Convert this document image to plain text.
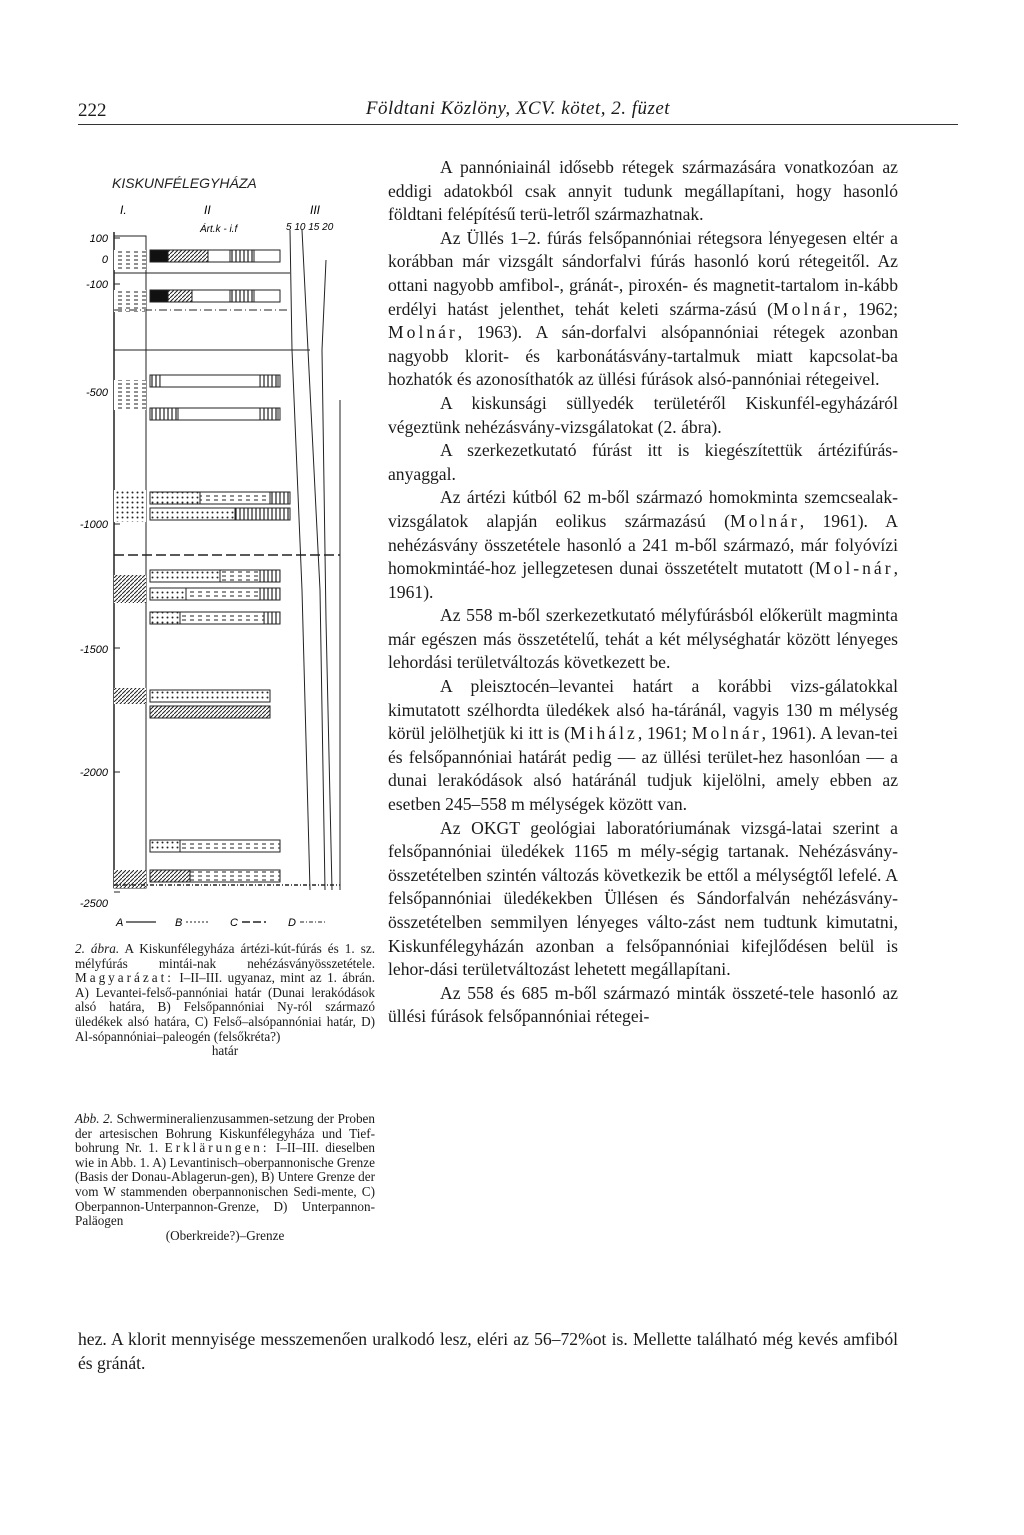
222	Földtani Közlöny, XCV. kötet, 2. füzet
KISKUNFÉLEGYHÁZA
I.	II	III
Árt.k - i.f	5 10 15 20
100
0
-100
-500
-1000
-1500
-2000
-2500
A	B	C	D

2. ábra. A Kiskunfélegyháza ártézi-kút-fúrás és 1. sz. mélyfúrás mintái-nak nehézásványösszetétele. Magyarázat: I–II–III. ugyanaz, mint az 1. ábrán. A) Levantei-felső-pannóniai határ (Dunai lerakódások alsó határa, B) Felsőpannóniai Ny-ról származó üledékek alsó határa, C) Felső–alsópannóniai határ, D) Al-sópannóniai–paleogén (felsőkréta?)

határ

Abb. 2. Schwermineralienzusammen-setzung der Proben der artesischen Bohrung Kiskunfélegyháza und Tief-bohrung Nr. 1. Erklärungen: I–II–III. dieselben wie in Abb. 1. A) Levantinisch–oberpannonische Grenze (Basis der Donau-Ablagerun-gen), B) Untere Grenze der vom W stammenden oberpannonischen Sedi-mente, C) Oberpannon-Unterpannon-Grenze, D) Unterpannon-Paläogen

(Oberkreide?)–Grenze

A pannóniainál idősebb rétegek származására vonatkozóan az eddigi adatokból csak annyit tudunk megállapítani, hogy hasonló földtani felépítésű terü-letről származhatnak.

Az Üllés 1–2. fúrás felsőpannóniai rétegsora lényegesen eltér a korábban már vizsgált sándorfalvi fúrás hasonló korú rétegeitől. Az ottani nagyobb amfibol-, gránát-, piroxén- és magnetit-tartalom in-kább erdélyi hatást jelenthet, tehát keleti szárma-zású (Molnár, 1962; Molnár, 1963). A sán-dorfalvi alsópannóniai rétegek azonban nagyobb klorit- és karbonátásvány-tartalmuk miatt kapcsolat-ba hozhatók és azonosíthatók az üllési fúrások alsó-pannóniai rétegeivel.

A kiskunsági süllyedék területéről Kiskunfél-egyházáról végeztünk nehézásvány-vizsgálatokat (2. ábra).

A szerkezetkutató fúrást itt is kiegészítettük ártézifúrás-anyaggal.

Az ártézi kútból 62 m-ből származó homokminta szemcsealak-vizsgálatok alapján eolikus származású (Molnár, 1961). A nehézásvány összetétele hasonló a 241 m-ből származó, már folyóvízi homokmintáé-hoz jellegzetesen dunai összetételt mutatott (Mol-nár, 1961).

Az 558 m-ből szerkezetkutató mélyfúrásból előkerült magminta már egészen más összetételű, tehát a két mélységhatár között lényeges lehordási területváltozás következett be.

A pleisztocén–levantei határt a korábbi vizs-gálatokkal kimutatott szélhordta üledékek alsó ha-táránál, vagyis 130 m mélység körül jelölhetjük ki itt is (Mihálz, 1961; Molnár, 1961). A levan-tei és felsőpannóniai határát pedig — az üllési terület-hez hasonlóan — a dunai lerakódások alsó határánál tudjuk kijelölni, amely ebben az esetben 245–558 m mélységek között van.

Az OKGT geológiai laboratóriumának vizsgá-latai szerint a felsőpannóniai üledékek 1165 m mély-ségig tartanak. Nehézásvány-összetételben szintén változás következik be ettől a mélységtől lefelé. A felsőpannóniai üledékekben Üllésen és Sándorfalván nehézásvány-összetételben semmilyen lényeges válto-zást nem tudtunk kimutatni, Kiskunfélegyházán azonban a felsőpannóniai kifejlődésen belül is lehor-dási területváltozást lehetett megállapítani.

Az 558 és 685 m-ből származó minták összeté-tele hasonló az üllési fúrások felsőpannóniai rétegei-

hez. A klorit mennyisége messzemenően uralkodó lesz, eléri az 56–72%ot is. Mellette található még kevés amfiból és gránát.
